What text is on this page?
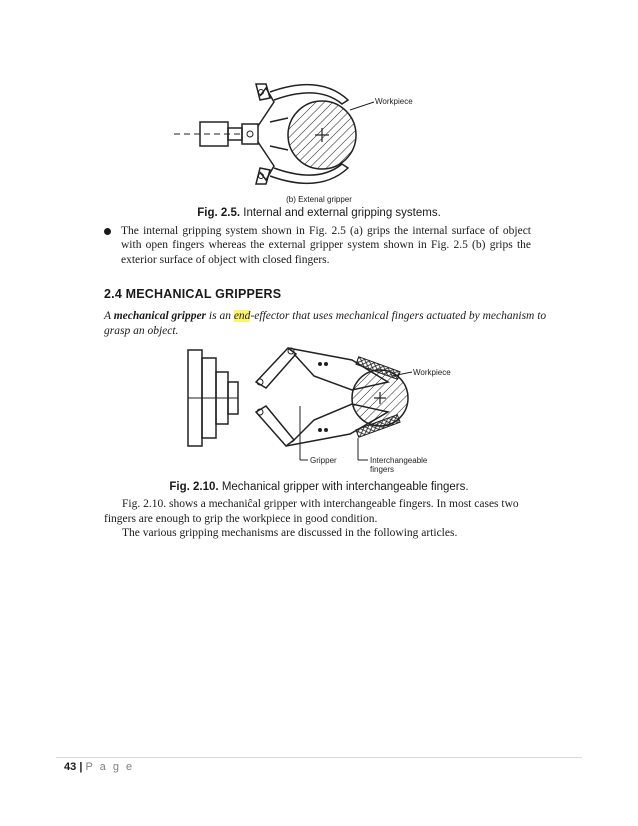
Workpiece
(b) Extenal gripper
Fig. 2.5. Internal and external gripping systems.
The internal gripping system shown in Fig. 2.5 (a) grips the internal surface of object with open fingers whereas the external gripper system shown in Fig. 2.5 (b) grips the exterior surface of object with closed fingers.
2.4 MECHANICAL GRIPPERS
A mechanical gripper is an end-effector that uses mechanical fingers actuated by mechanism to grasp an object.
Workpiece
Gripper	Interchangeable
fingers
Fig. 2.10. Mechanical gripper with interchangeable fingers.
Fig. 2.10. shows a mechaniĉal gripper with interchangeable fingers. In most cases two fingers are enough to grip the workpiece in good condition.
The various gripping mechanisms are discussed in the following articles.
43 | P a g e
